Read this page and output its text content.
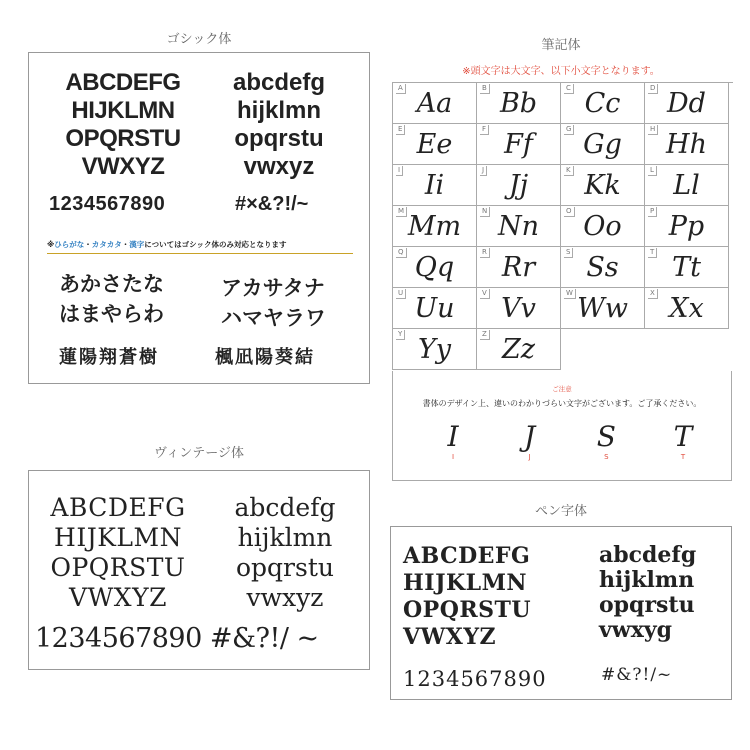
ゴシック体
ABCDEFG
HIJKLMN
OPQRSTU
VWXYZ
abcdefg
hijklmn
opqrstu
vwxyz
1234567890	#×&?!/~
※ひらがな・カタカタ・漢字についてはゴシック体のみ対応となります
あかさたな
はまやらわ
アカサタナ
ハマヤラワ
蓮陽翔蒼樹	楓凪陽葵結
ヴィンテージ体
ABCDEFG
HIJKLMN
OPQRSTU
VWXYZ
abcdefg
hijklmn
opqrstu
vwxyz
1234567890 #&?!/ ~
筆記体
※頭文字は大文字、以下小文字となります。
A Aa	B Bb	C Cc	D Dd
E Ee	F Ff	G Gg	H Hh
I Ii	J Jj	K Kk	L Ll
M Mm	N Nn	O Oo	P Pp
Q Qq	R Rr	S Ss	T Tt
U Uu	V Vv	W Ww	X Xx
Y Yy	Z Zz
ご注意
書体のデザイン上、違いのわかりづらい文字がございます。ご了承ください。
I
I
J
J
S
S
T
T
ペン字体
ABCDEFG
HIJKLMN
OPQRSTU
VWXYZ
abcdefg
hijklmn
opqrstu
vwxyg
1234567890	#&?!/~
